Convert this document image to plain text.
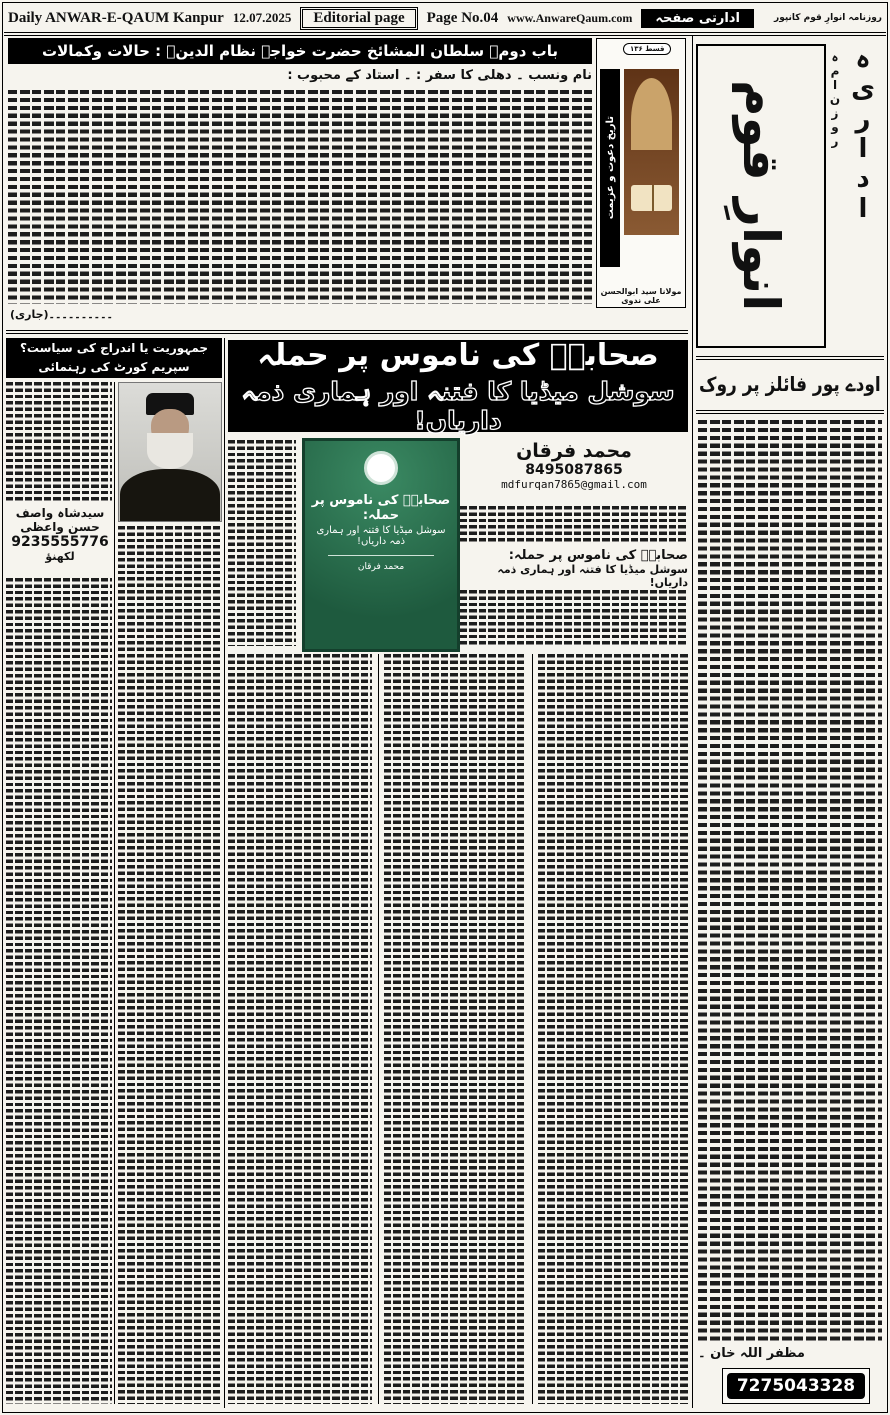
Daily ANWAR-E-QAUM Kanpur 12.07.2025	Editorial page	Page No.04 www.AnwareQaum.com	ادارتی صفحہ	روزنامہ انوارِ قوم کانپور
انوارِ قوم	روزنامہ اداریہ
اودے پور فائلز پر روک
مظفر اللہ خان ۔
7275043328
باب دوم۔ سلطان المشائخ حضرت خواجہ نظام الدینؒ : حالات وکمالات	قسط ۱۳۶
تاریخ دعوت و عزیمت
مولانا سید ابوالحسن علی ندوی
نام ونسب ۔ دھلی کا سفر : ۔ استاد کے محبوب :
۔۔۔۔۔۔۔۔۔۔(جاری)
جمہوریت یا اندراج کی سیاست؟
سپریم کورٹ کی رہنمائی
سیدشاہ واصف حسن واعظی
9235555776
لکھنؤ
صحابہؓ کی ناموس پر حملہ
سوشل میڈیا کا فتنہ اور ہماری ذمہ داریاں!
صحابہؓ کی ناموس پر حملہ:
سوشل میڈیا کا فتنہ اور ہماری ذمہ داریاں!
محمد فرقان
محمد فرقان
8495087865
mdfurqan7865@gmail.com
صحابہؓ کی ناموس پر حملہ:
سوشل میڈیا کا فتنہ اور ہماری ذمہ داریاں!
